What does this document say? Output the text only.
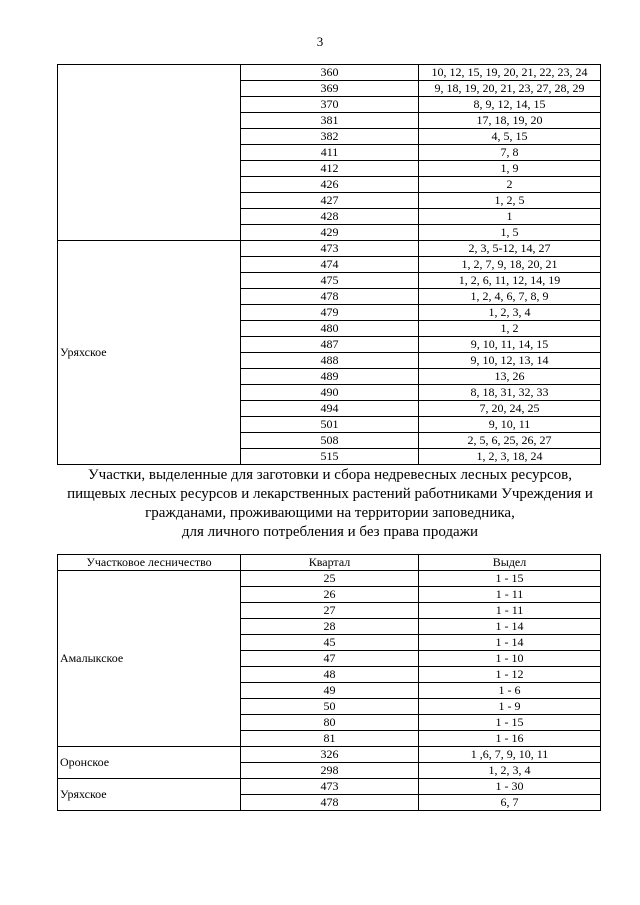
3
	360	10, 12, 15, 19, 20, 21, 22, 23, 24
	369	9, 18, 19, 20, 21, 23, 27, 28, 29
	370	8, 9, 12, 14, 15
	381	17, 18, 19, 20
	382	4, 5, 15
	411	7, 8
	412	1, 9
	426	2
	427	1, 2, 5
	428	1
	429	1, 5
Уряхское	473	2, 3, 5-12, 14, 27
	474	1, 2, 7, 9, 18, 20, 21
	475	1, 2, 6, 11, 12, 14, 19
	478	1, 2, 4, 6, 7, 8, 9
	479	1, 2, 3, 4
	480	1, 2
	487	9, 10, 11, 14, 15
	488	9, 10, 12, 13, 14
	489	13, 26
	490	8, 18, 31, 32, 33
	494	7, 20, 24, 25
	501	9, 10, 11
	508	2, 5, 6, 25, 26, 27
	515	1, 2, 3, 18, 24
Участки, выделенные для заготовки и сбора недревесных лесных ресурсов,
пищевых лесных ресурсов и лекарственных растений работниками Учреждения и
гражданами, проживающими на территории заповедника,
для личного потребления и без права продажи
Участковое лесничество	Квартал	Выдел
Амалыкское	25	1 - 15
	26	1 - 11
	27	1 - 11
	28	1 - 14
	45	1 - 14
	47	1 - 10
	48	1 - 12
	49	1 - 6
	50	1 - 9
	80	1 - 15
	81	1 - 16
Оронское	326	1 ,6, 7, 9, 10, 11
	298	1, 2, 3, 4
Уряхское	473	1 - 30
	478	6, 7
